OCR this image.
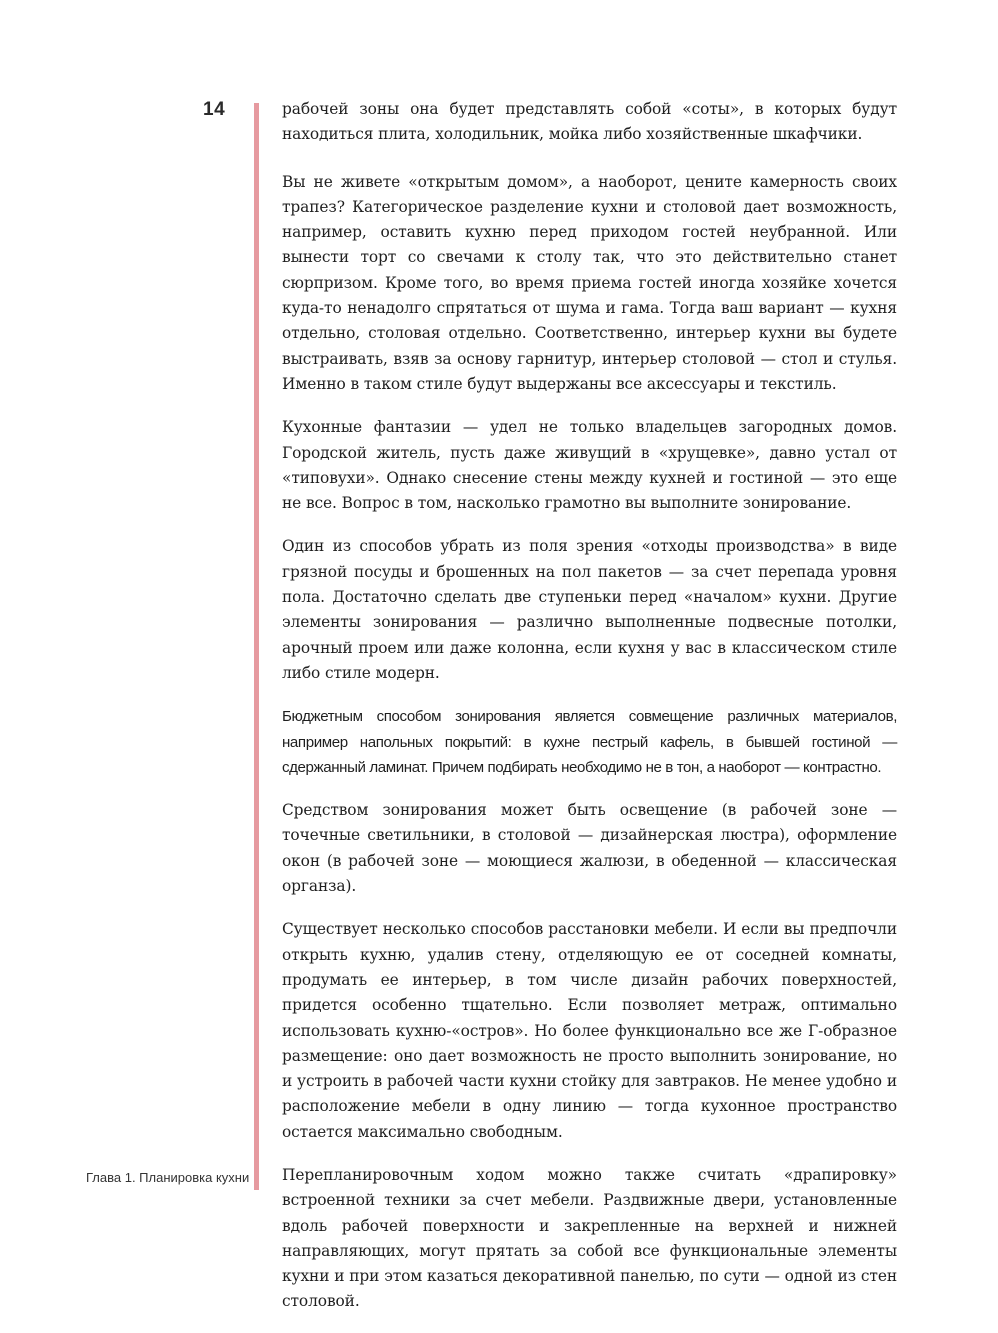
14	рабочей зоны она будет представлять собой «соты», в которых будут находиться плита, холодильник, мойка либо хозяйственные шкафчики.

Вы не живете «открытым домом», а наоборот, цените камерность своих трапез? Категорическое разделение кухни и столовой дает возможность, например, оставить кухню перед приходом гостей неубранной. Или вынести торт со свечами к столу так, что это действительно станет сюрпризом. Кроме того, во время приема гостей иногда хозяйке хочется куда-то ненадолго спрятаться от шума и гама. Тогда ваш вариант — кухня отдельно, столовая отдельно. Соответственно, интерьер кухни вы будете выстраивать, взяв за основу гарнитур, интерьер столовой — стол и стулья. Именно в таком стиле будут выдержаны все аксессуары и текстиль.

Кухонные фантазии — удел не только владельцев загородных домов. Городской житель, пусть даже живущий в «хрущевке», давно устал от «типовухи». Однако снесение стены между кухней и гостиной — это еще не все. Вопрос в том, насколько грамотно вы выполните зонирование.

Один из способов убрать из поля зрения «отходы производства» в виде грязной посуды и брошенных на пол пакетов — за счет перепада уровня пола. Достаточно сделать две ступеньки перед «началом» кухни. Другие элементы зонирования — различно выполненные подвесные потолки, арочный проем или даже колонна, если кухня у вас в классическом стиле либо стиле модерн.

Бюджетным способом зонирования является совмещение различных материалов, например напольных покрытий: в кухне пестрый кафель, в бывшей гостиной — сдержанный ламинат. Причем подбирать необходимо не в тон, а наоборот — контрастно.

Средством зонирования может быть освещение (в рабочей зоне — точечные светильники, в столовой — дизайнерская люстра), оформление окон (в рабочей зоне — моющиеся жалюзи, в обеденной — классическая органза).

Существует несколько способов расстановки мебели. И если вы предпочли открыть кухню, удалив стену, отделяющую ее от соседней комнаты, продумать ее интерьер, в том числе дизайн рабочих поверхностей, придется особенно тщательно. Если позволяет метраж, оптимально использовать кухню-«остров». Но более функционально все же Г-образное размещение: оно дает возможность не просто выполнить зонирование, но и устроить в рабочей части кухни стойку для завтраков. Не менее удобно и расположение мебели в одну линию — тогда кухонное пространство остается максимально свободным.

Перепланировочным ходом можно также считать «драпировку» встроенной техники за счет мебели. Раздвижные двери, установленные вдоль рабочей поверхности и закрепленные на верхней и нижней направляющих, могут прятать за собой все функциональные элементы кухни и при этом казаться декоративной панелью, по сути — одной из стен столовой.

Глава 1. Планировка кухни
